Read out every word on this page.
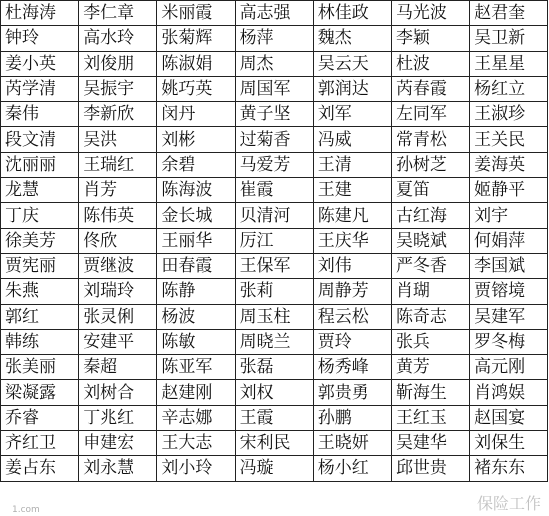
杜海涛	李仁章	米丽霞	高志强	林佳政	马光波	赵君奎
钟玲	高水玲	张菊辉	杨萍	魏杰	李颖	吴卫新
姜小英	刘俊朋	陈淑娟	周杰	吴云天	杜波	王星星
芮学清	吴振宇	姚巧英	周国军	郭润达	芮春霞	杨红立
秦伟	李新欣	闵丹	黄子坚	刘军	左同军	王淑珍
段文清	吴洪	刘彬	过菊香	冯威	常青松	王关民
沈丽丽	王瑞红	余碧	马爱芳	王清	孙树芝	姜海英
龙慧	肖芳	陈海波	崔霞	王建	夏笛	姬静平
丁庆	陈伟英	金长城	贝清河	陈建凡	古红海	刘宇
徐美芳	佟欣	王丽华	厉江	王庆华	吴晓斌	何娟萍
贾宪丽	贾继波	田春霞	王保军	刘伟	严冬香	李国斌
朱燕	刘瑞玲	陈静	张莉	周静芳	肖瑚	贾镕境
郭红	张灵俐	杨波	周玉柱	程云松	陈奇志	吴建军
韩练	安建平	陈敏	周晓兰	贾玲	张兵	罗冬梅
张美丽	秦超	陈亚军	张磊	杨秀峰	黄芳	高元刚
梁凝露	刘树合	赵建刚	刘权	郭贵勇	靳海生	肖鸿娱
乔睿	丁兆红	辛志娜	王霞	孙鹏	王红玉	赵国宴
齐红卫	申建宏	王大志	宋利民	王晓妍	吴建华	刘保生
姜占东	刘永慧	刘小玲	冯璇	杨小红	邱世贵	褚东东
保险工作
1.com
